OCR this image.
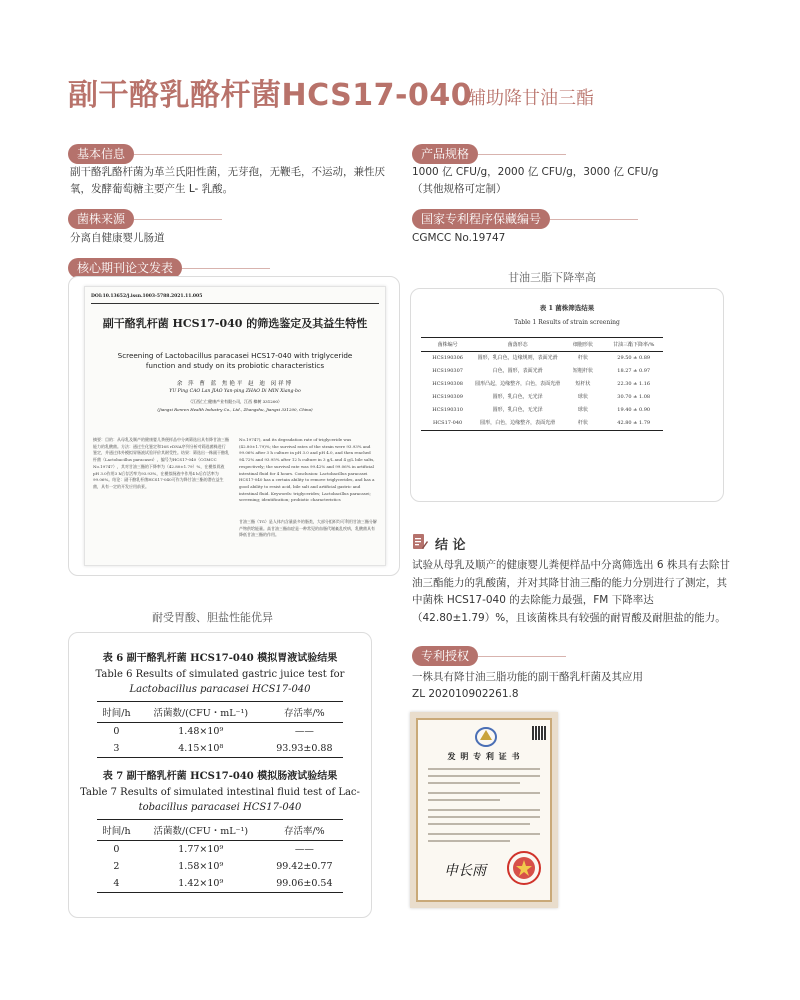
副干酪乳酪杆菌HCS17-040
辅助降甘油三酯
基本信息
副干酪乳酪杆菌为革兰氏阳性菌，无芽孢，无鞭毛，不运动，兼性厌氧，发酵葡萄糖主要产生 L- 乳酸。
菌株来源
分离自健康婴儿肠道
核心期刊论文发表
产品规格
1000 亿 CFU/g，2000 亿 CFU/g，3000 亿 CFU/g
（其他规格可定制）
国家专利程序保藏编号
CGMCC No.19747
DOI:10.13652/j.issn.1003-5788.2021.11.005
副干酪乳杆菌 HCS17-040 的筛选鉴定及其益生特性
Screening of Lactobacillus paracasei HCS17-040 with triglyceride function and study on its probiotic characteristics
余 萍 曹 蓝 焦艳平 赵 迪 闵祥博
YU Ping CAO Lan JIAO Yan-ping ZHAO Di MIN Xiang-bo
（江西仁仁健康产业有限公司，江西 樟树 331200）
(Jiangxi Renren Health Industry Co., Ltd., Zhangshu, Jiangxi 331200, China)
摘要：目的：从母乳及顺产的健康婴儿粪便样品中分离筛选出具有降甘油三酯能力的乳酸菌。方法：通过生化鉴定和16S rDNA序列分析对筛选菌株进行鉴定，并通过体外模拟胃肠液试验评价其耐受性。结果：筛选出一株副干酪乳杆菌（Lactobacillus paracasei），编号为HCS17-040（CGMCC No.19747），其对甘油三酯的下降率为（42.80±1.79）%，在模拟胃液pH 3.0作用3 h后存活率为93.93%，在模拟肠液中作用4 h后存活率为99.06%。结论：副干酪乳杆菌HCS17-040可作为降甘油三酯的潜在益生菌，具有一定的开发应用前景。
No.19747), and its degradation rate of triglyceride was (42.80±1.79)%; the survival rates of the strain were 93.93% and 99.06% after 3 h culture in pH 3.0 and pH 4.0, and then reached 94.72% and 93.95% after 12 h culture in 3 g/L and 4 g/L bile salts, respectively; the survival rate was 99.42% and 99.06% in artificial intestinal fluid for 4 hours. Conclusion: Lactobacillus paracasei HCS17-040 has a certain ability to remove triglycerides, and has a good ability to resist acid, bile salt and artificial gastric and intestinal fluid. Keywords: triglycerides; Lactobacillus paracasei; screening; identification; probiotic characteristics
甘油三酯（TG）是人体内含量最多的脂类，大部分组织均可利用甘油三酯分解产物供给能量。高甘油三酯血症是一种常见的血脂代谢紊乱疾病，乳酸菌具有降低甘油三酯的作用。
甘油三脂下降率高
表 1 菌株筛选结果
Table 1 Results of strain screening
菌株编号	菌落形态	细胞形状	甘油三酯下降率/%
HCS190306	圆形，乳白色，边缘规则，表面光滑	杆状	29.50 ± 0.89
HCS190307	白色，圆形，表面光滑	短粗杆状	18.27 ± 0.97
HCS190308	圆形凸起，边缘整齐，白色，表面光滑	短杆状	22.30 ± 1.16
HCS190309	圆形，乳白色，无光泽	球状	30.70 ± 1.08
HCS190310	圆形，乳白色，无光泽	球状	19.40 ± 0.90
HCS17-040	圆形，白色，边缘整齐，表面光滑	杆状	42.80 ± 1.79
结 论
试验从母乳及顺产的健康婴儿粪便样品中分离筛选出 6 株具有去除甘油三酯能力的乳酸菌，并对其降甘油三酯的能力分别进行了测定，其中菌株 HCS17-040 的去除能力最强，FM 下降率达（42.80±1.79）%，且该菌株具有较强的耐胃酸及耐胆盐的能力。
耐受胃酸、胆盐性能优异
表 6 副干酪乳杆菌 HCS17-040 模拟胃液试验结果
Table 6 Results of simulated gastric juice test for
Lactobacillus paracasei HCS17-040
时间/h	活菌数/(CFU・mL⁻¹)	存活率/%
0	1.48×10⁹	——
3	4.15×10⁸	93.93±0.88
表 7 副干酪乳杆菌 HCS17-040 模拟肠液试验结果
Table 7 Results of simulated intestinal fluid test of Lac-
tobacillus paracasei HCS17-040
时间/h	活菌数/(CFU・mL⁻¹)	存活率/%
0	1.77×10⁹	——
2	1.58×10⁹	99.42±0.77
4	1.42×10⁹	99.06±0.54
专利授权
一株具有降甘油三脂功能的副干酪乳杆菌及其应用
ZL 202010902261.8
发 明 专 利 证 书
申长雨
